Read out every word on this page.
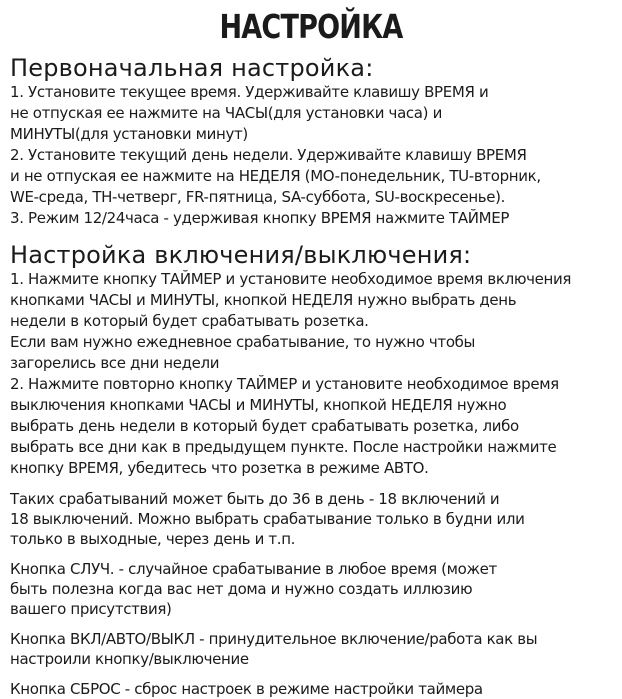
НАСТРОЙКА
Первоначальная настройка:
1. Установите текущее время. Удерживайте клавишу ВРЕМЯ и
не отпуская ее нажмите на ЧАСЫ(для установки часа) и
МИНУТЫ(для установки минут)
2. Установите текущий день недели. Удерживайте клавишу ВРЕМЯ
и не отпуская ее нажмите на НЕДЕЛЯ (MO-понедельник, TU-вторник,
WE-среда, TH-четверг, FR-пятница, SA-суббота, SU-воскресенье).
3. Режим 12/24часа - удерживая кнопку ВРЕМЯ нажмите ТАЙМЕР
Настройка включения/выключения:
1. Нажмите кнопку ТАЙМЕР и установите необходимое время включения
кнопками ЧАСЫ и МИНУТЫ, кнопкой НЕДЕЛЯ нужно выбрать день
недели в который будет срабатывать розетка.
Если вам нужно ежедневное срабатывание, то нужно чтобы
загорелись все дни недели
2. Нажмите повторно кнопку ТАЙМЕР и установите необходимое время
выключения кнопками ЧАСЫ и МИНУТЫ, кнопкой НЕДЕЛЯ нужно
выбрать день недели в который будет срабатывать розетка, либо
выбрать все дни как в предыдущем пункте. После настройки нажмите
кнопку ВРЕМЯ, убедитесь что розетка в режиме АВТО.
Таких срабатываний может быть до 36 в день - 18 включений и
18 выключений. Можно выбрать срабатывание только в будни или
только в выходные, через день и т.п.
Кнопка СЛУЧ. - случайное срабатывание в любое время (может
быть полезна когда вас нет дома и нужно создать иллюзию
вашего присутствия)
Кнопка ВКЛ/АВТО/ВЫКЛ - принудительное включение/работа как вы
настроили кнопку/выключение
Кнопка СБРОС - сброс настроек в режиме настройки таймера
